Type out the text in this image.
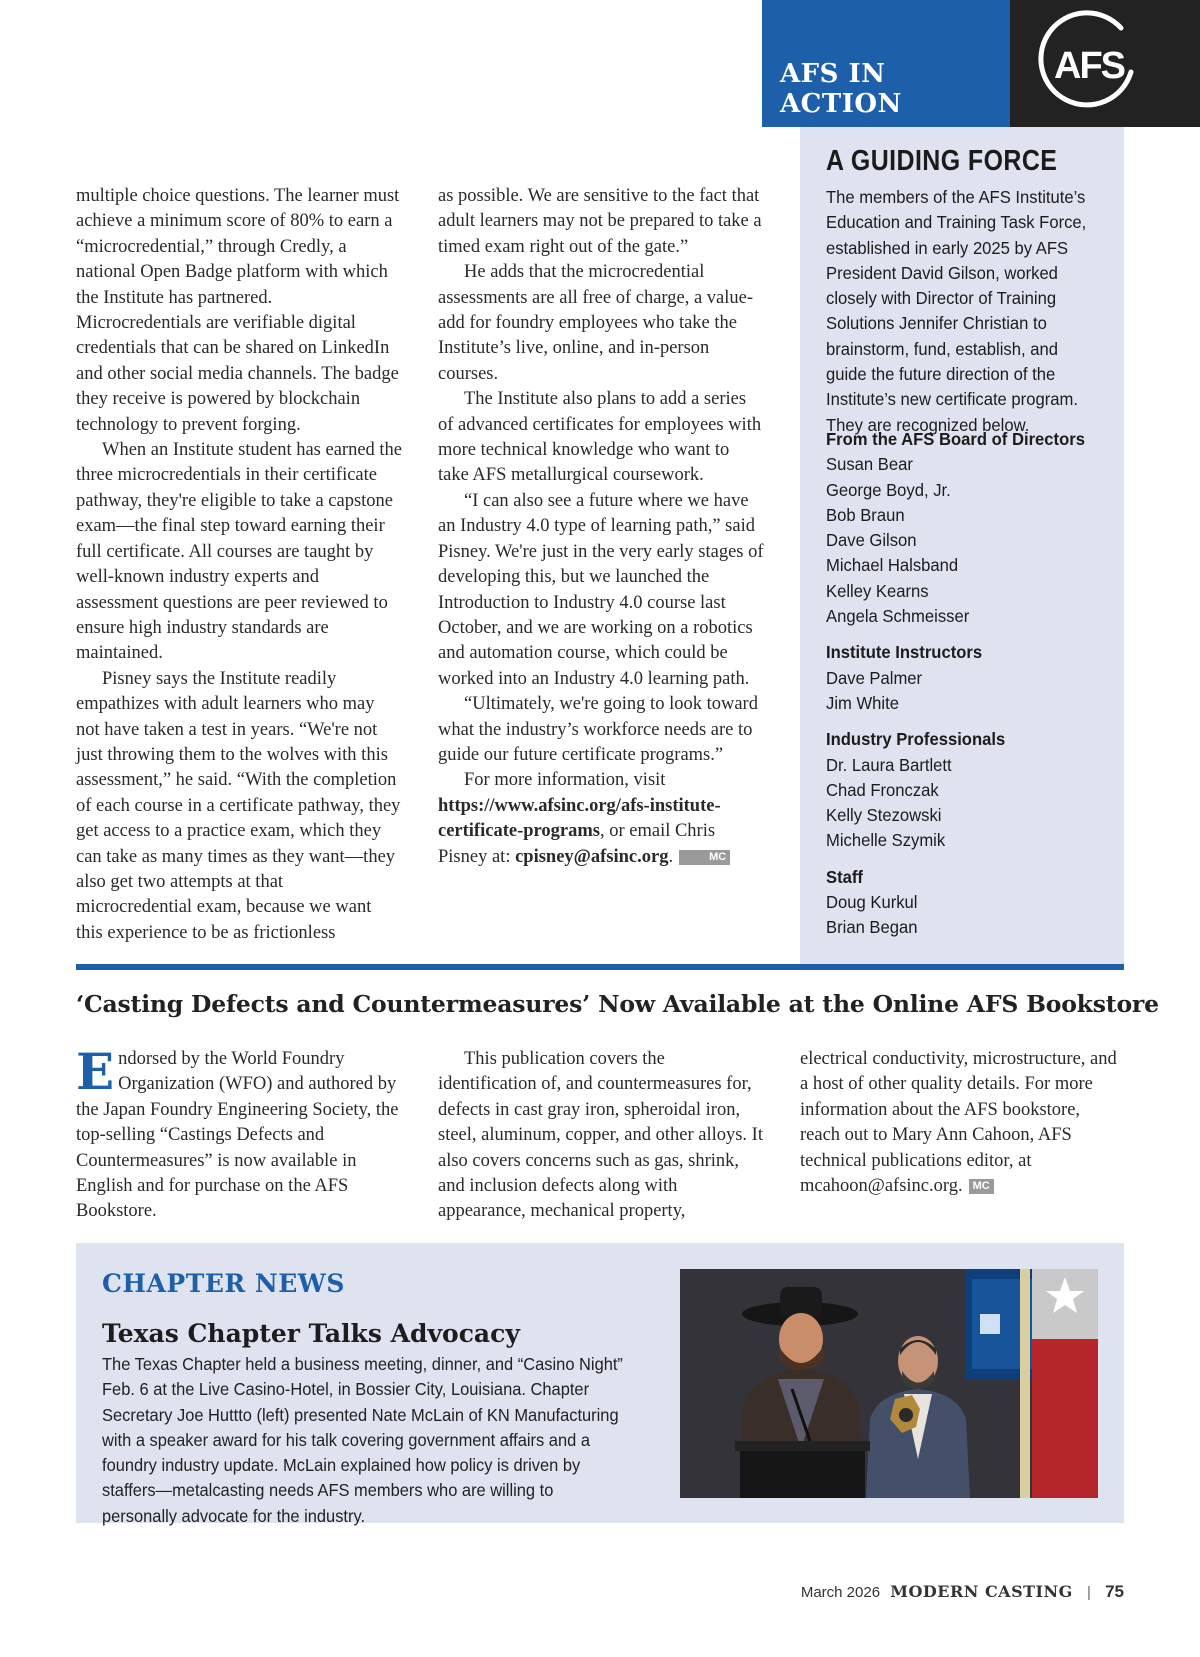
AFS IN ACTION
AFS

multiple choice questions. The learner must achieve a minimum score of 80% to earn a “microcredential,” through Credly, a national Open Badge platform with which the Institute has partnered. Microcredentials are verifiable digital credentials that can be shared on LinkedIn and other social media channels. The badge they receive is powered by blockchain technology to prevent forging.

When an Institute student has earned the three microcredentials in their certificate pathway, they're eligible to take a capstone exam—the final step toward earning their full certificate. All courses are taught by well-known industry experts and assessment questions are peer reviewed to ensure high industry standards are maintained.

Pisney says the Institute readily empathizes with adult learners who may not have taken a test in years. “We're not just throwing them to the wolves with this assessment,” he said. “With the completion of each course in a certificate pathway, they get access to a practice exam, which they can take as many times as they want—they also get two attempts at that microcredential exam, because we want this experience to be as frictionless

as possible. We are sensitive to the fact that adult learners may not be prepared to take a timed exam right out of the gate.”

He adds that the microcredential assessments are all free of charge, a value-add for foundry employees who take the Institute’s live, online, and in-person courses.

The Institute also plans to add a series of advanced certificates for employees with more technical knowledge who want to take AFS metallurgical coursework.

“I can also see a future where we have an Industry 4.0 type of learning path,” said Pisney. We're just in the very early stages of developing this, but we launched the Introduction to Industry 4.0 course last October, and we are working on a robotics and automation course, which could be worked into an Industry 4.0 learning path.

“Ultimately, we're going to look toward what the industry’s workforce needs are to guide our future certificate programs.”

For more information, visit https://www.afsinc.org/afs-institute-certificate-programs, or email Chris Pisney at: cpisney@afsinc.org.	MC

A GUIDING FORCE
The members of the AFS Institute’s Education and Training Task Force, established in early 2025 by AFS President David Gilson, worked closely with Director of Training Solutions Jennifer Christian to brainstorm, fund, establish, and guide the future direction of the Institute’s new certificate program. They are recognized below.
From the AFS Board of Directors
Susan Bear
George Boyd, Jr.
Bob Braun
Dave Gilson
Michael Halsband
Kelley Kearns
Angela Schmeisser
Institute Instructors
Dave Palmer
Jim White
Industry Professionals
Dr. Laura Bartlett
Chad Fronczak
Kelly Stezowski
Michelle Szymik
Staff
Doug Kurkul
Brian Began
‘Casting Defects and Countermeasures’ Now Available at the Online AFS Bookstore

Endorsed by the World Foundry Organization (WFO) and authored by the Japan Foundry Engineering Society, the top-selling “Castings Defects and Countermeasures” is now available in English and for purchase on the AFS Bookstore.

This publication covers the identification of, and countermeasures for, defects in cast gray iron, spheroidal iron, steel, aluminum, copper, and other alloys. It also covers concerns such as gas, shrink, and inclusion defects along with appearance, mechanical property,

electrical conductivity, microstructure, and a host of other quality details. For more information about the AFS bookstore, reach out to Mary Ann Cahoon, AFS technical publications editor, at mcahoon@afsinc.org. MC

CHAPTER NEWS
Texas Chapter Talks Advocacy
The Texas Chapter held a business meeting, dinner, and “Casino Night” Feb. 6 at the Live Casino-Hotel, in Bossier City, Louisiana. Chapter Secretary Joe Huttto (left) presented Nate McLain of KN Manufacturing with a speaker award for his talk covering government affairs and a foundry industry update. McLain explained how policy is driven by staffers—metalcasting needs AFS members who are willing to personally advocate for the industry.
March 2026 MODERN CASTING | 75
